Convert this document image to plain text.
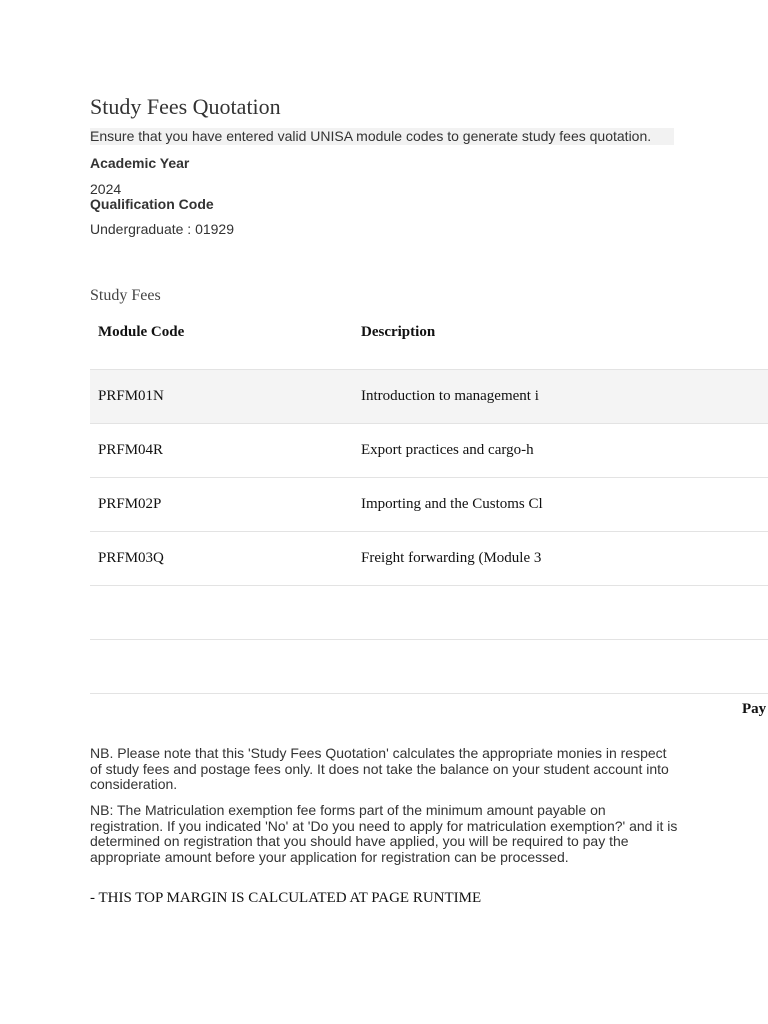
Study Fees Quotation
Ensure that you have entered valid UNISA module codes to generate study fees quotation.
Academic Year
2024
Qualification Code
Undergraduate : 01929
Study Fees
Module Code	Description
PRFM01N	Introduction to management i
PRFM04R	Export practices and cargo-h
PRFM02P	Importing and the Customs Cl
PRFM03Q	Freight forwarding (Module 3

Pay

NB. Please note that this 'Study Fees Quotation' calculates the appropriate monies in respect of study fees and postage fees only. It does not take the balance on your student account into consideration.

NB: The Matriculation exemption fee forms part of the minimum amount payable on registration. If you indicated 'No' at 'Do you need to apply for matriculation exemption?' and it is determined on registration that you should have applied, you will be required to pay the appropriate amount before your application for registration can be processed.

- THIS TOP MARGIN IS CALCULATED AT PAGE RUNTIME
